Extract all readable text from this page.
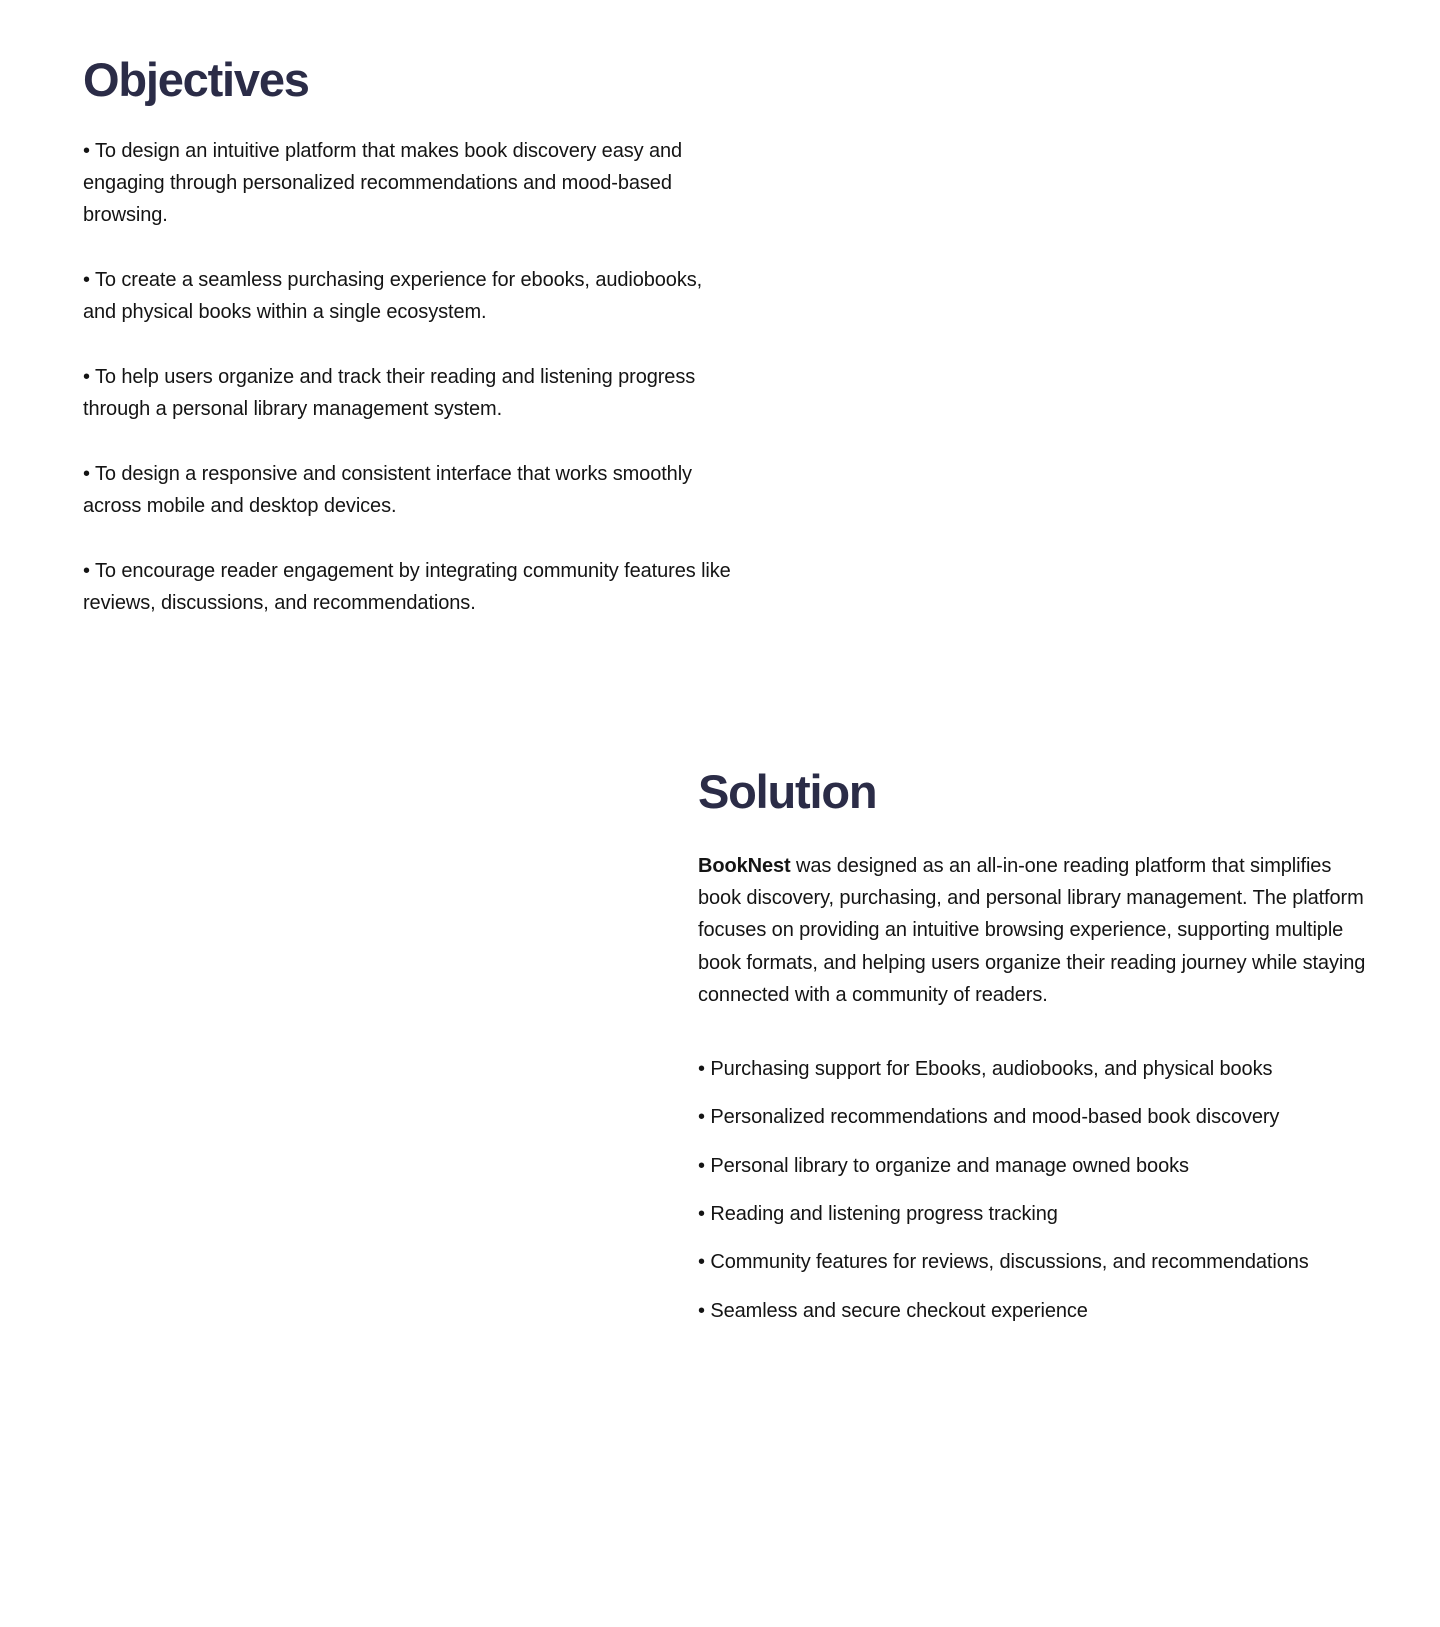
Objectives
• To design an intuitive platform that makes book discovery easy and engaging through personalized recommendations and mood-based browsing.
• To create a seamless purchasing experience for ebooks, audiobooks, and physical books within a single ecosystem.
• To help users organize and track their reading and listening progress through a personal library management system.
• To design a responsive and consistent interface that works smoothly across mobile and desktop devices.
• To encourage reader engagement by integrating community features like reviews, discussions, and recommendations.
Solution

BookNest was designed as an all-in-one reading platform that simplifies book discovery, purchasing, and personal library management. The platform focuses on providing an intuitive browsing experience, supporting multiple book formats, and helping users organize their reading journey while staying connected with a community of readers.

• Purchasing support for Ebooks, audiobooks, and physical books
• Personalized recommendations and mood-based book discovery
• Personal library to organize and manage owned books
• Reading and listening progress tracking
• Community features for reviews, discussions, and recommendations
• Seamless and secure checkout experience
